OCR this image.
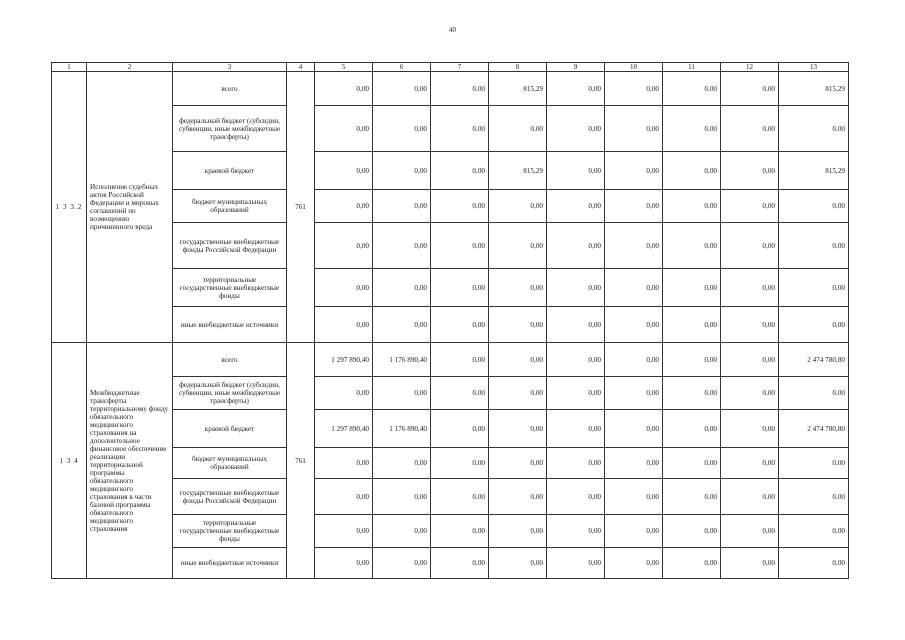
40
1	2	3	4	5	6	7	8	9	10	11	12	13
1 3 3.2	Исполнение судебных актов Российской Федерации и мировых соглашений по возмещению причиненного вреда	всего	761	0,00	0,00	0,00	815,29	0,00	0,00	0,00	0,00	815,29
		федеральный бюджет (субсидии, субвенции, иные межбюджетные трансферты)		0,00	0,00	0,00	0,00	0,00	0,00	0,00	0,00	0,00
		краевой бюджет		0,00	0,00	0,00	815,29	0,00	0,00	0,00	0,00	815,29
		бюджет муниципальных образований		0,00	0,00	0,00	0,00	0,00	0,00	0,00	0,00	0,00
		государственные внебюджетные фонды Российской Федерации		0,00	0,00	0,00	0,00	0,00	0,00	0,00	0,00	0,00
		территориальные государственные внебюджетные фонды		0,00	0,00	0,00	0,00	0,00	0,00	0,00	0,00	0,00
		иные внебюджетные источники		0,00	0,00	0,00	0,00	0,00	0,00	0,00	0,00	0,00
1 3 4	Межбюджетные трансферты территориальному фонду обязательного медицинского страхования на дополнительное финансовое обеспечение реализации территориальной программы обязательного медицинского страхования в части базовой программы обязательного медицинского страхования	всего	761	1 297 890,40	1 176 890,40	0,00	0,00	0,00	0,00	0,00	0,00	2 474 780,80
		федеральный бюджет (субсидии, субвенции, иные межбюджетные трансферты)		0,00	0,00	0,00	0,00	0,00	0,00	0,00	0,00	0,00
		краевой бюджет		1 297 890,40	1 176 890,40	0,00	0,00	0,00	0,00	0,00	0,00	2 474 780,80
		бюджет муниципальных образований		0,00	0,00	0,00	0,00	0,00	0,00	0,00	0,00	0,00
		государственные внебюджетные фонды Российской Федерации		0,00	0,00	0,00	0,00	0,00	0,00	0,00	0,00	0,00
		территориальные государственные внебюджетные фонды		0,00	0,00	0,00	0,00	0,00	0,00	0,00	0,00	0,00
		иные внебюджетные источники		0,00	0,00	0,00	0,00	0,00	0,00	0,00	0,00	0,00
